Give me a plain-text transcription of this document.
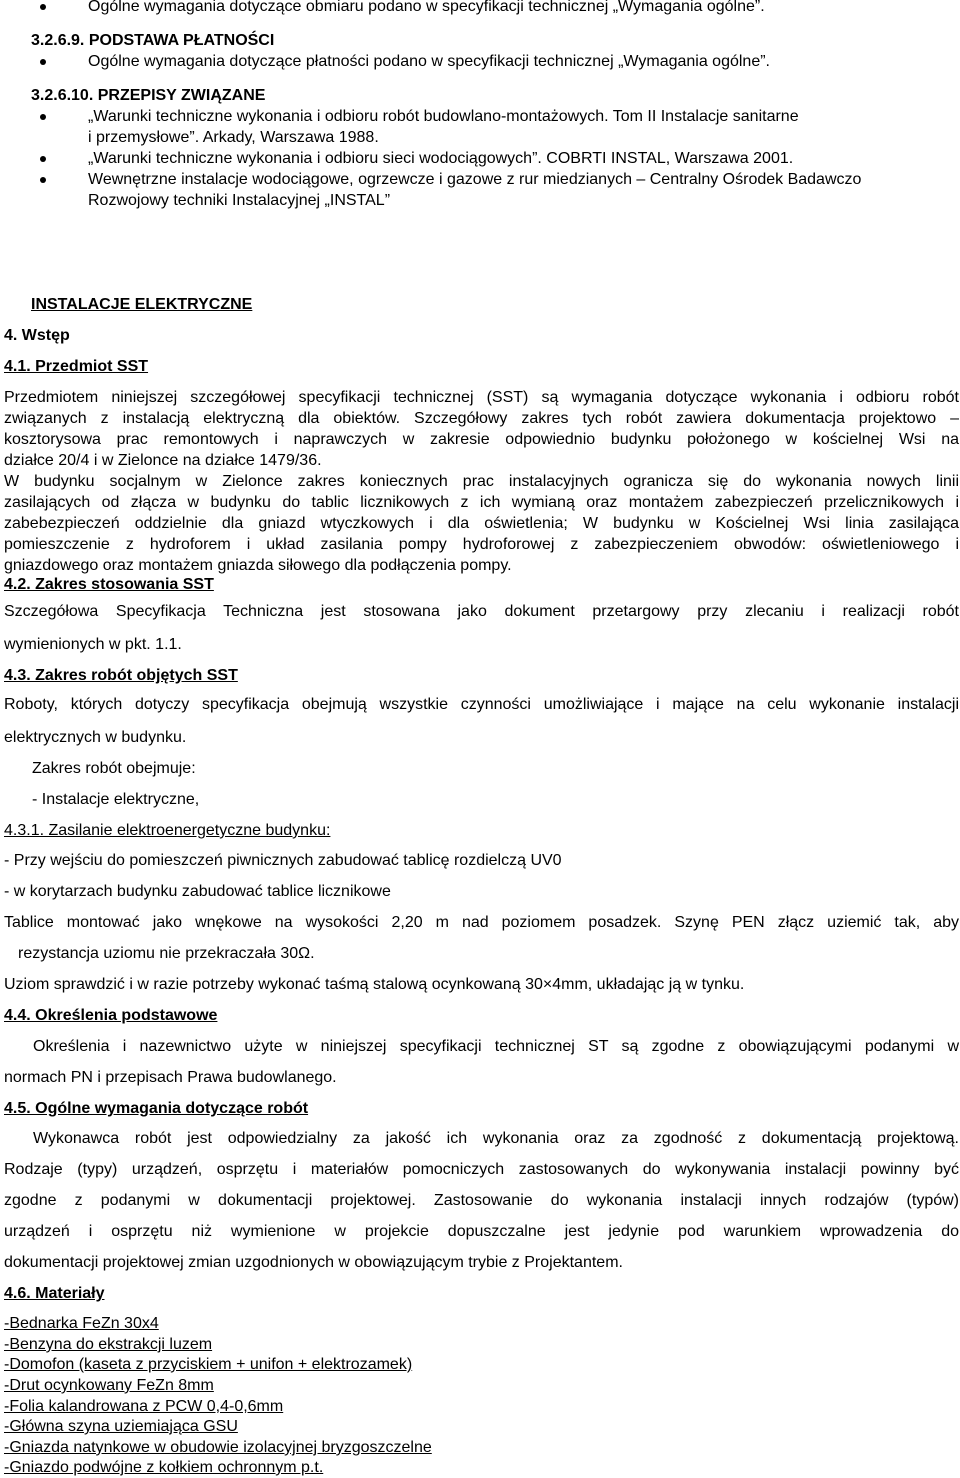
Ogólne wymagania dotyczące obmiaru podano w specyfikacji technicznej „Wymagania ogólne”.
3.2.6.9. PODSTAWA PŁATNOŚCI
Ogólne wymagania dotyczące płatności podano w specyfikacji technicznej „Wymagania ogólne”.
3.2.6.10. PRZEPISY ZWIĄZANE
„Warunki techniczne wykonania i odbioru robót budowlano-montażowych. Tom II Instalacje sanitarne
i przemysłowe”. Arkady, Warszawa 1988.
„Warunki techniczne wykonania i odbioru sieci wodociągowych”. COBRTI INSTAL, Warszawa 2001.
Wewnętrzne instalacje wodociągowe, ogrzewcze i gazowe z rur miedzianych – Centralny Ośrodek Badawczo
Rozwojowy techniki Instalacyjnej „INSTAL”
INSTALACJE ELEKTRYCZNE
4. Wstęp
4.1. Przedmiot SST
Przedmiotem niniejszej szczegółowej specyfikacji technicznej (SST) są wymagania dotyczące wykonania i odbioru robót
związanych z instalacją elektryczną dla obiektów. Szczegółowy zakres tych robót zawiera dokumentacja projektowo –
kosztorysowa prac remontowych i naprawczych w zakresie odpowiednio budynku położonego w kościelnej Wsi na
działce 20/4 i w Zielonce na działce 1479/36.
W budynku socjalnym w Zielonce zakres koniecznych prac instalacyjnych ogranicza się do wykonania nowych linii
zasilających od złącza w budynku do tablic licznikowych z ich wymianą oraz montażem zabezpieczeń przelicznikowych i
zabebezpieczeń oddzielnie dla gniazd wtyczkowych i dla oświetlenia; W budynku w Kościelnej Wsi linia zasilająca
pomieszczenie z hydroforem i układ zasilania pompy hydroforowej z zabezpieczeniem obwodów: oświetleniowego i
gniazdowego oraz montażem gniazda siłowego dla podłączenia pompy.
4.2. Zakres stosowania SST
Szczegółowa Specyfikacja Techniczna jest stosowana jako dokument przetargowy przy zlecaniu i realizacji robót
wymienionych w pkt. 1.1.
4.3. Zakres robót objętych SST
Roboty, których dotyczy specyfikacja obejmują wszystkie czynności umożliwiające i mające na celu wykonanie instalacji
elektrycznych w budynku.
Zakres robót obejmuje:
- Instalacje elektryczne,
4.3.1. Zasilanie elektroenergetyczne budynku:
- Przy wejściu do pomieszczeń piwnicznych zabudować tablicę rozdielczą UV0
- w korytarzach budynku zabudować tablice licznikowe
Tablice montować jako wnękowe na wysokości 2,20 m nad poziomem posadzek. Szynę PEN złącz uziemić tak, aby
rezystancja uziomu nie przekraczała 30Ω.
Uziom sprawdzić i w razie potrzeby wykonać taśmą stalową ocynkowaną 30×4mm, układając ją w tynku.
4.4. Określenia podstawowe
Określenia i nazewnictwo użyte w niniejszej specyfikacji technicznej ST są zgodne z obowiązującymi podanymi w
normach PN i przepisach Prawa budowlanego.
4.5. Ogólne wymagania dotyczące robót
Wykonawca robót jest odpowiedzialny za jakość ich wykonania oraz za zgodność z dokumentacją projektową.
Rodzaje (typy) urządzeń, osprzętu i materiałów pomocniczych zastosowanych do wykonywania instalacji powinny być
zgodne z podanymi w dokumentacji projektowej. Zastosowanie do wykonania instalacji innych rodzajów (typów)
urządzeń i osprzętu niż wymienione w projekcie dopuszczalne jest jedynie pod warunkiem wprowadzenia do
dokumentacji projektowej zmian uzgodnionych w obowiązującym trybie z Projektantem.
4.6. Materiały
-Bednarka FeZn 30x4
-Benzyna do ekstrakcji luzem
-Domofon (kaseta z przyciskiem + unifon + elektrozamek)
-Drut ocynkowany FeZn 8mm
-Folia kalandrowana z PCW 0,4-0,6mm
-Główna szyna uziemiająca GSU
-Gniazda natynkowe w obudowie izolacyjnej bryzgoszczelne
-Gniazdo podwójne z kołkiem ochronnym p.t.
